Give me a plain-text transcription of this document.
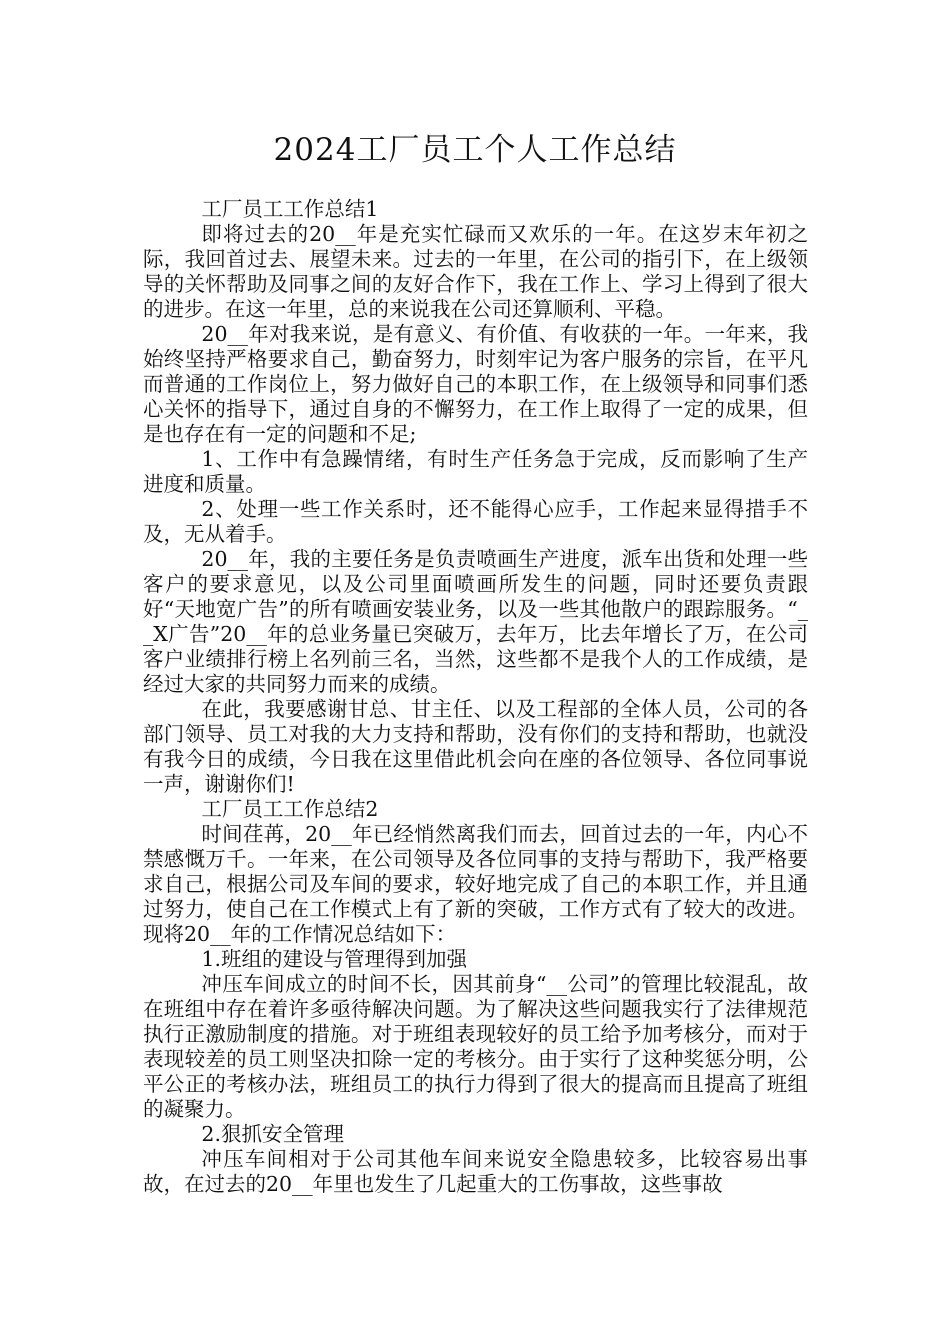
2024工厂员工个人工作总结

工厂员工工作总结1

即将过去的20__年是充实忙碌而又欢乐的一年。在这岁末年初之际，我回首过去、展望未来。过去的一年里，在公司的指引下，在上级领导的关怀帮助及同事之间的友好合作下，我在工作上、学习上得到了很大的进步。在这一年里，总的来说我在公司还算顺利、平稳。

20__年对我来说，是有意义、有价值、有收获的一年。一年来，我始终坚持严格要求自己，勤奋努力，时刻牢记为客户服务的宗旨，在平凡而普通的工作岗位上，努力做好自己的本职工作，在上级领导和同事们悉心关怀的指导下，通过自身的不懈努力，在工作上取得了一定的成果，但是也存在有一定的问题和不足;

1、工作中有急躁情绪，有时生产任务急于完成，反而影响了生产进度和质量。

2、处理一些工作关系时，还不能得心应手，工作起来显得措手不及，无从着手。

20__年，我的主要任务是负责喷画生产进度，派车出货和处理一些客户的要求意见，以及公司里面喷画所发生的问题，同时还要负责跟好“天地宽广告”的所有喷画安装业务，以及一些其他散户的跟踪服务。“__X广告”20__年的总业务量已突破万，去年万，比去年增长了万，在公司客户业绩排行榜上名列前三名，当然，这些都不是我个人的工作成绩，是经过大家的共同努力而来的成绩。

在此，我要感谢甘总、甘主任、以及工程部的全体人员，公司的各部门领导、员工对我的大力支持和帮助，没有你们的支持和帮助，也就没有我今日的成绩，今日我在这里借此机会向在座的各位领导、各位同事说一声，谢谢你们!

工厂员工工作总结2

时间荏苒，20__年已经悄然离我们而去，回首过去的一年，内心不禁感慨万千。一年来，在公司领导及各位同事的支持与帮助下，我严格要求自己，根据公司及车间的要求，较好地完成了自己的本职工作，并且通过努力，使自己在工作模式上有了新的突破，工作方式有了较大的改进。现将20__年的工作情况总结如下：

1.班组的建设与管理得到加强

冲压车间成立的时间不长，因其前身“__公司”的管理比较混乱，故在班组中存在着许多亟待解决问题。为了解决这些问题我实行了法律规范执行正激励制度的措施。对于班组表现较好的员工给予加考核分，而对于表现较差的员工则坚决扣除一定的考核分。由于实行了这种奖惩分明，公平公正的考核办法，班组员工的执行力得到了很大的提高而且提高了班组的凝聚力。

2.狠抓安全管理

冲压车间相对于公司其他车间来说安全隐患较多，比较容易出事故，在过去的20__年里也发生了几起重大的工伤事故，这些事故
